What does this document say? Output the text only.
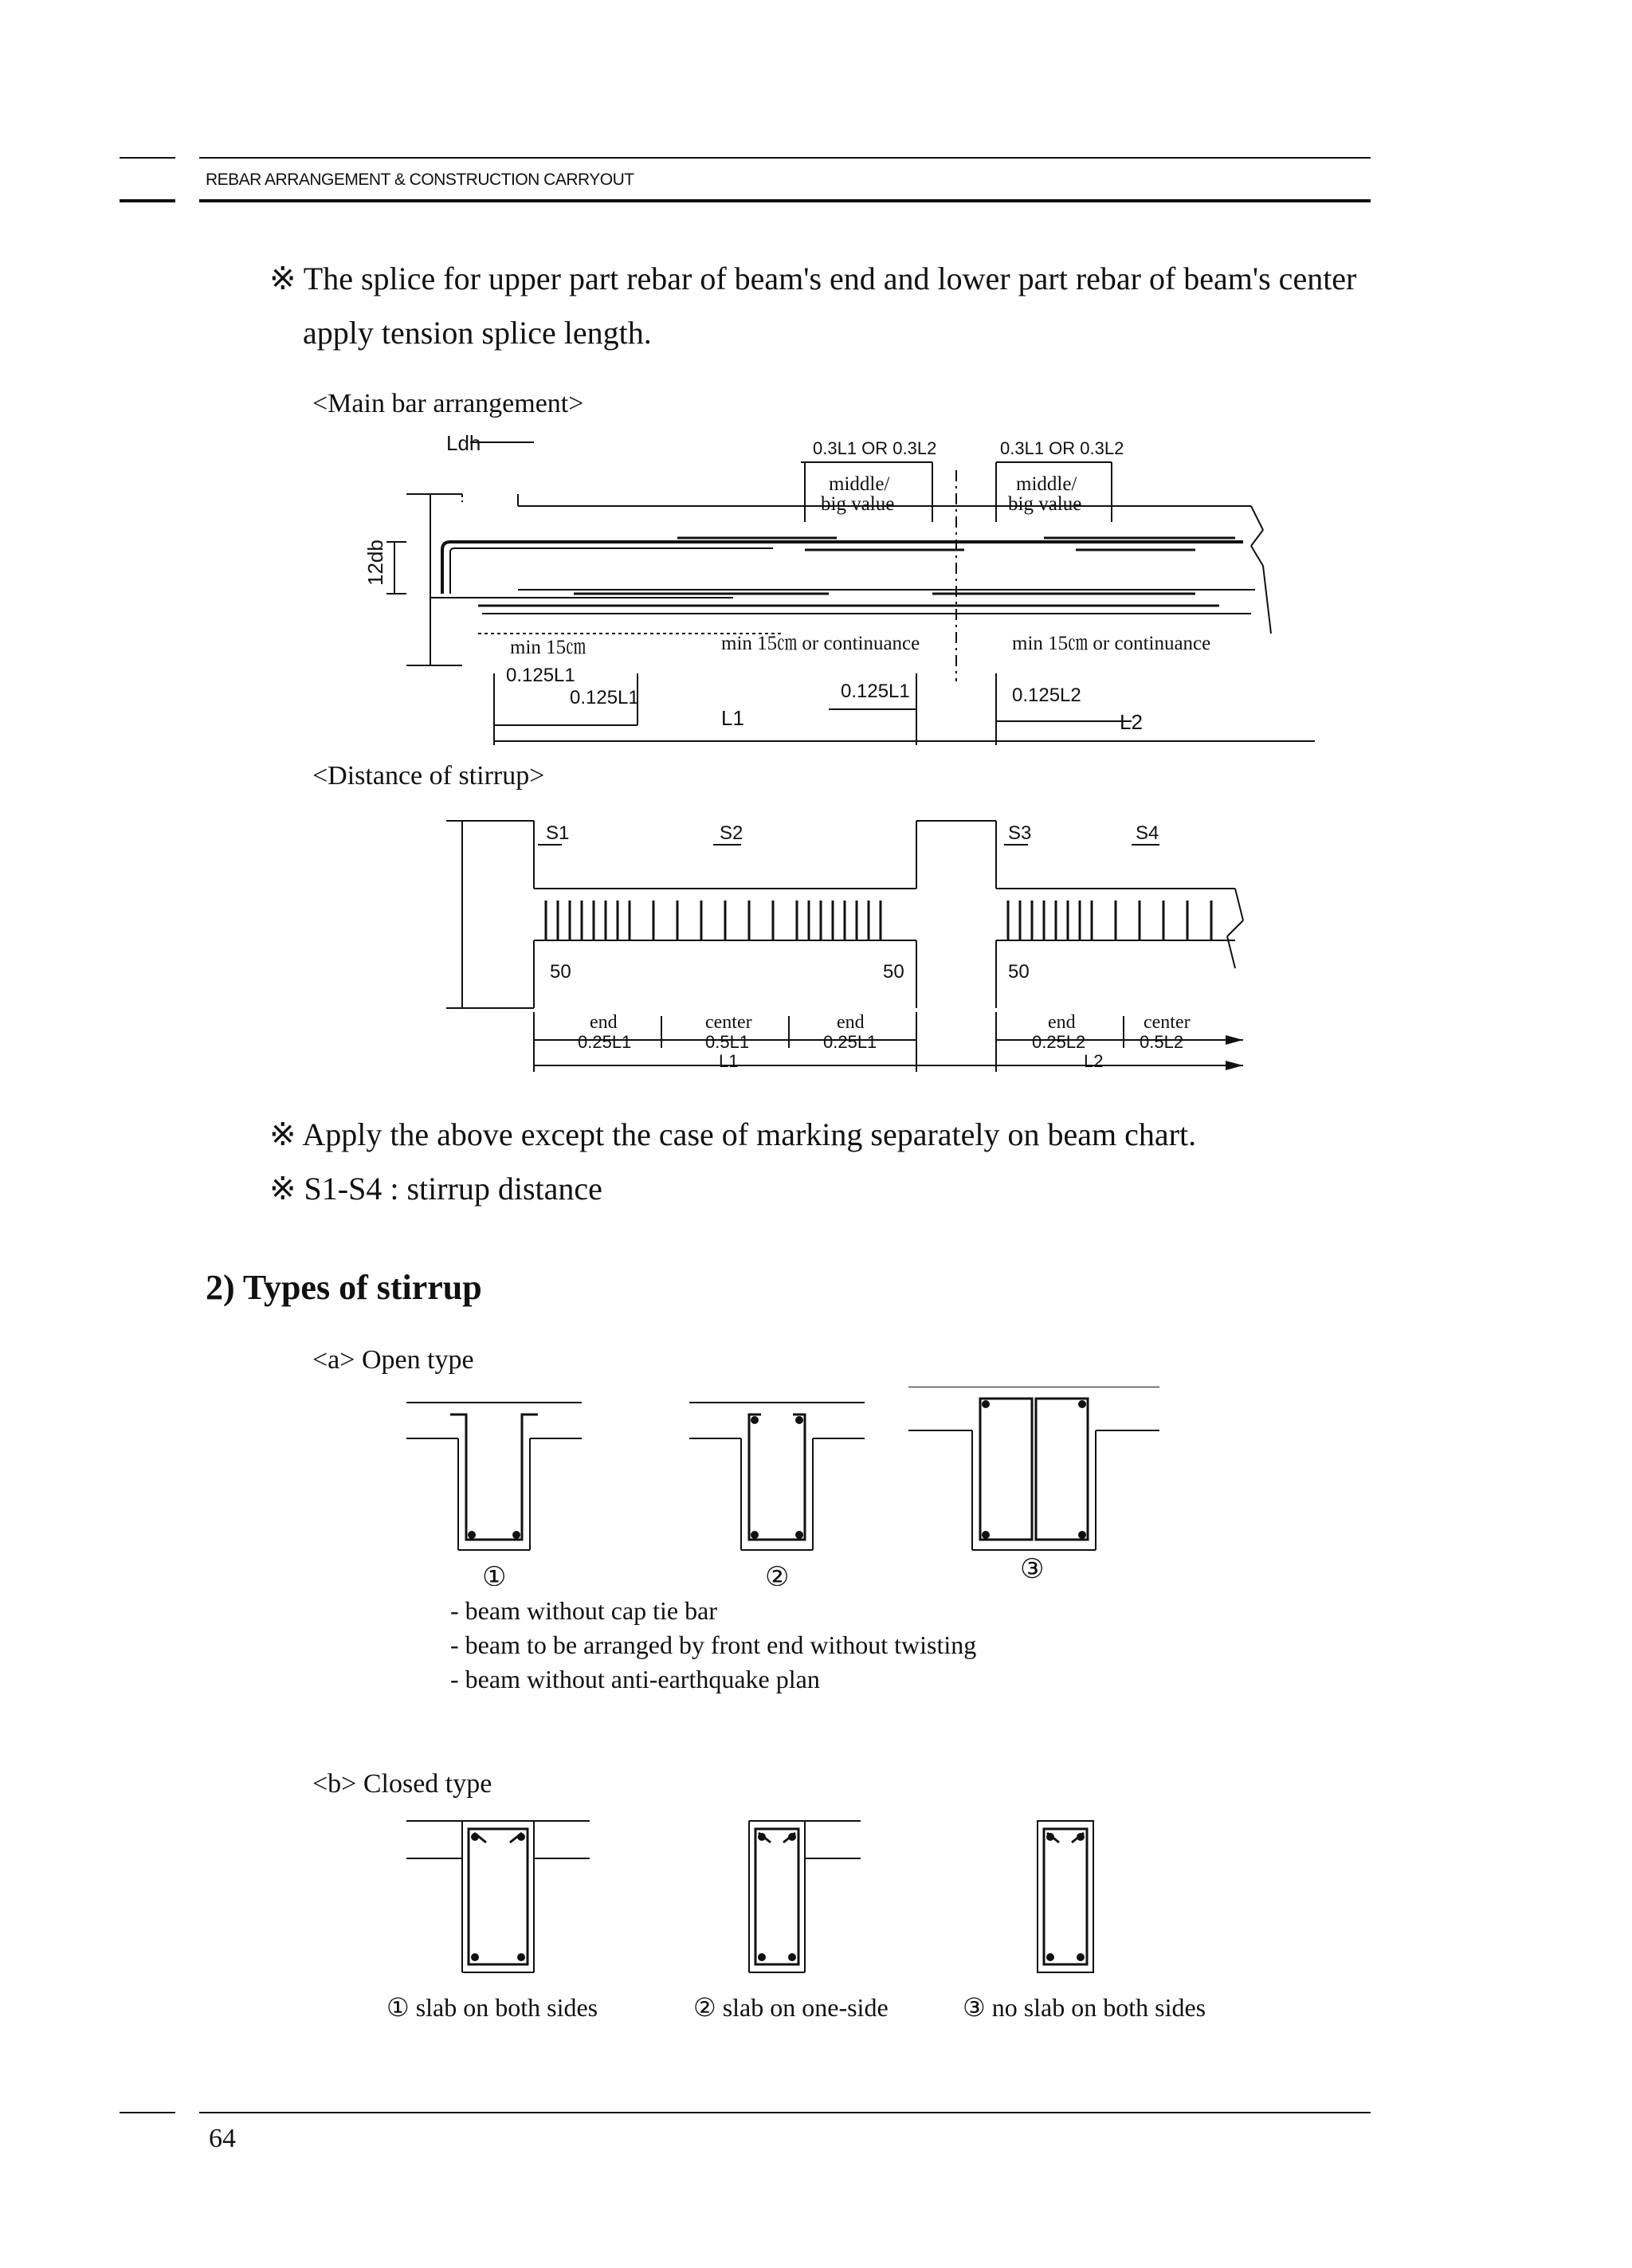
REBAR ARRANGEMENT & CONSTRUCTION CARRYOUT
※ The splice for upper part rebar of beam's end and lower part rebar of beam's center
apply tension splice length.
<Main bar arrangement>
Ldh
12db
0.3L1 OR 0.3L2	0.3L1 OR 0.3L2
middle/
big value
middle/
big value
min 15㎝	min 15㎝ or continuance	min 15㎝ or continuance
0.125L1
0.125L1	0.125L1	0.125L2
L1	L2
<Distance of stirrup>
S1	S2	S3	S4
50	50	50
end
0.25L1
center
0.5L1
end
0.25L1
end
0.25L2
center
0.5L2
L1	L2
※ Apply the above except the case of marking separately on beam chart.
※ S1-S4 : stirrup distance
2) Types of stirrup
<a> Open type
①	②	③
- beam without cap tie bar
- beam to be arranged by front end without twisting
- beam without anti-earthquake plan
<b> Closed type
① slab on both sides	② slab on one-side	③ no slab on both sides
64
